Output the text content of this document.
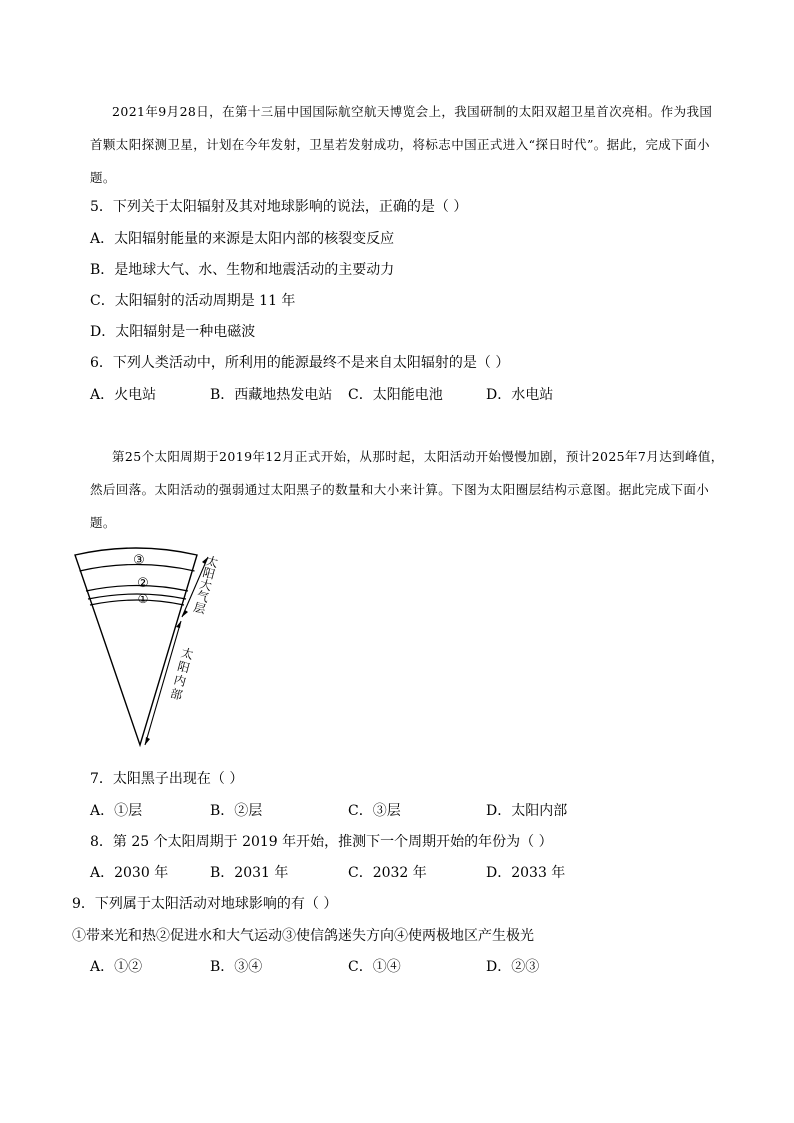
2021年9月28日，在第十三届中国国际航空航天博览会上，我国研制的太阳双超卫星首次亮相。作为我国首颗太阳探测卫星，计划在今年发射，卫星若发射成功，将标志中国正式进入“探日时代”。据此，完成下面小题。
5．下列关于太阳辐射及其对地球影响的说法，正确的是（ ）
A．太阳辐射能量的来源是太阳内部的核裂变反应
B．是地球大气、水、生物和地震活动的主要动力
C．太阳辐射的活动周期是 11 年
D．太阳辐射是一种电磁波
6．下列人类活动中，所利用的能源最终不是来自太阳辐射的是（ ）
A．火电站	B．西藏地热发电站 C．太阳能电池	D．水电站
第25个太阳周期于2019年12月正式开始，从那时起，太阳活动开始慢慢加剧，预计2025年7月达到峰值，然后回落。太阳活动的强弱通过太阳黑子的数量和大小来计算。下图为太阳圈层结构示意图。据此完成下面小题。
③
②
①
太
阳
大
气
层
太
阳
内
部
7．太阳黑子出现在（ ）
A．①层	B．②层	C．③层	D．太阳内部
8．第 25 个太阳周期于 2019 年开始，推测下一个周期开始的年份为（ ）
A．2030 年	B．2031 年	C．2032 年	D．2033 年
9．下列属于太阳活动对地球影响的有（ ）
①带来光和热②促进水和大气运动③使信鸽迷失方向④使两极地区产生极光
A．①②	B．③④	C．①④	D．②③
